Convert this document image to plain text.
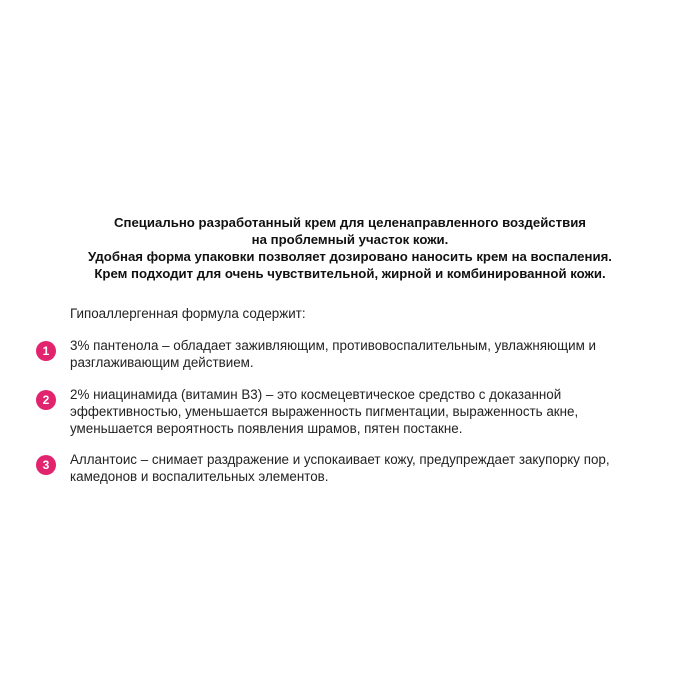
Специально разработанный крем для целенаправленного воздействия
на проблемный участок кожи.
Удобная форма упаковки позволяет дозировано наносить крем на воспаления.
Крем подходит для очень чувствительной, жирной и комбинированной кожи.
Гипоаллергенная формула содержит:
1	3% пантенола – обладает заживляющим, противовоспалительным, увлажняющим и
разглаживающим действием.
2	2% ниацинамида (витамин В3) – это космецевтическое средство с доказанной
эффективностью, уменьшается выраженность пигментации, выраженность акне,
уменьшается вероятность появления шрамов, пятен постакне.
3	Аллантоис – снимает раздражение и успокаивает кожу, предупреждает закупорку пор,
камедонов и воспалительных элементов.
